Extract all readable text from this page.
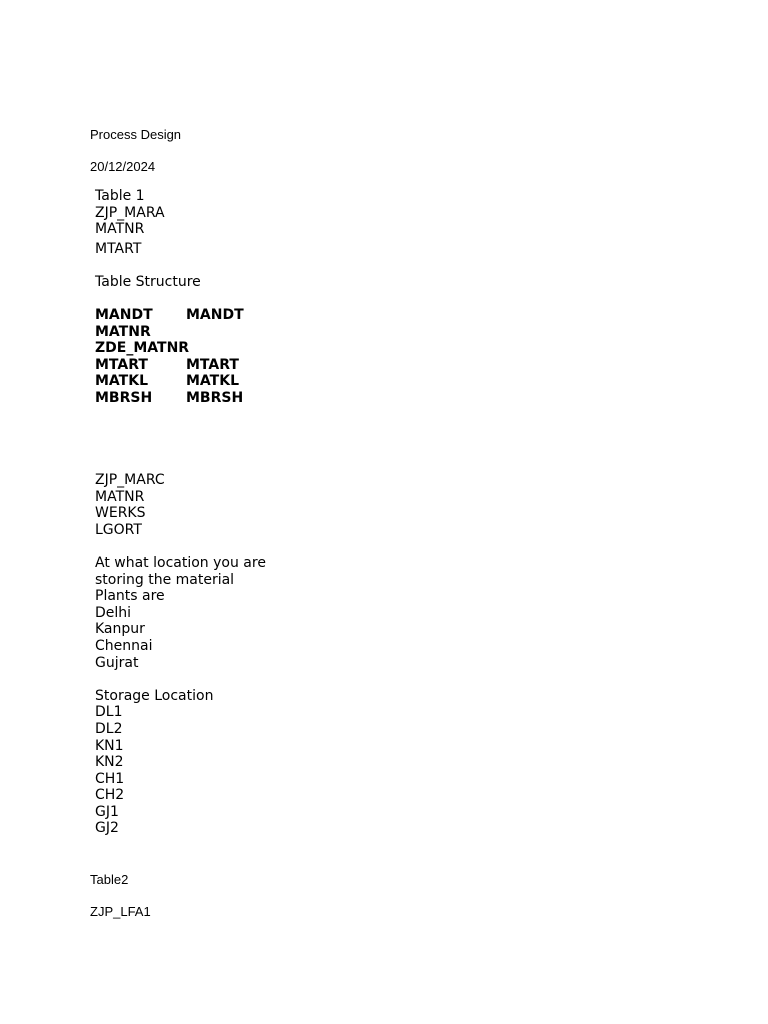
Process Design
20/12/2024
Table 1
ZJP_MARA
MATNR
MTART
Table Structure
MANDT MANDT
MATNR
ZDE_MATNR
MTART	MTART
MATKL	MATKL
MBRSH MBRSH
ZJP_MARC
MATNR
WERKS
LGORT
At what location you are
storing the material
Plants are
Delhi
Kanpur
Chennai
Gujrat
Storage Location
DL1
DL2
KN1
KN2
CH1
CH2
GJ1
GJ2
Table2
ZJP_LFA1
